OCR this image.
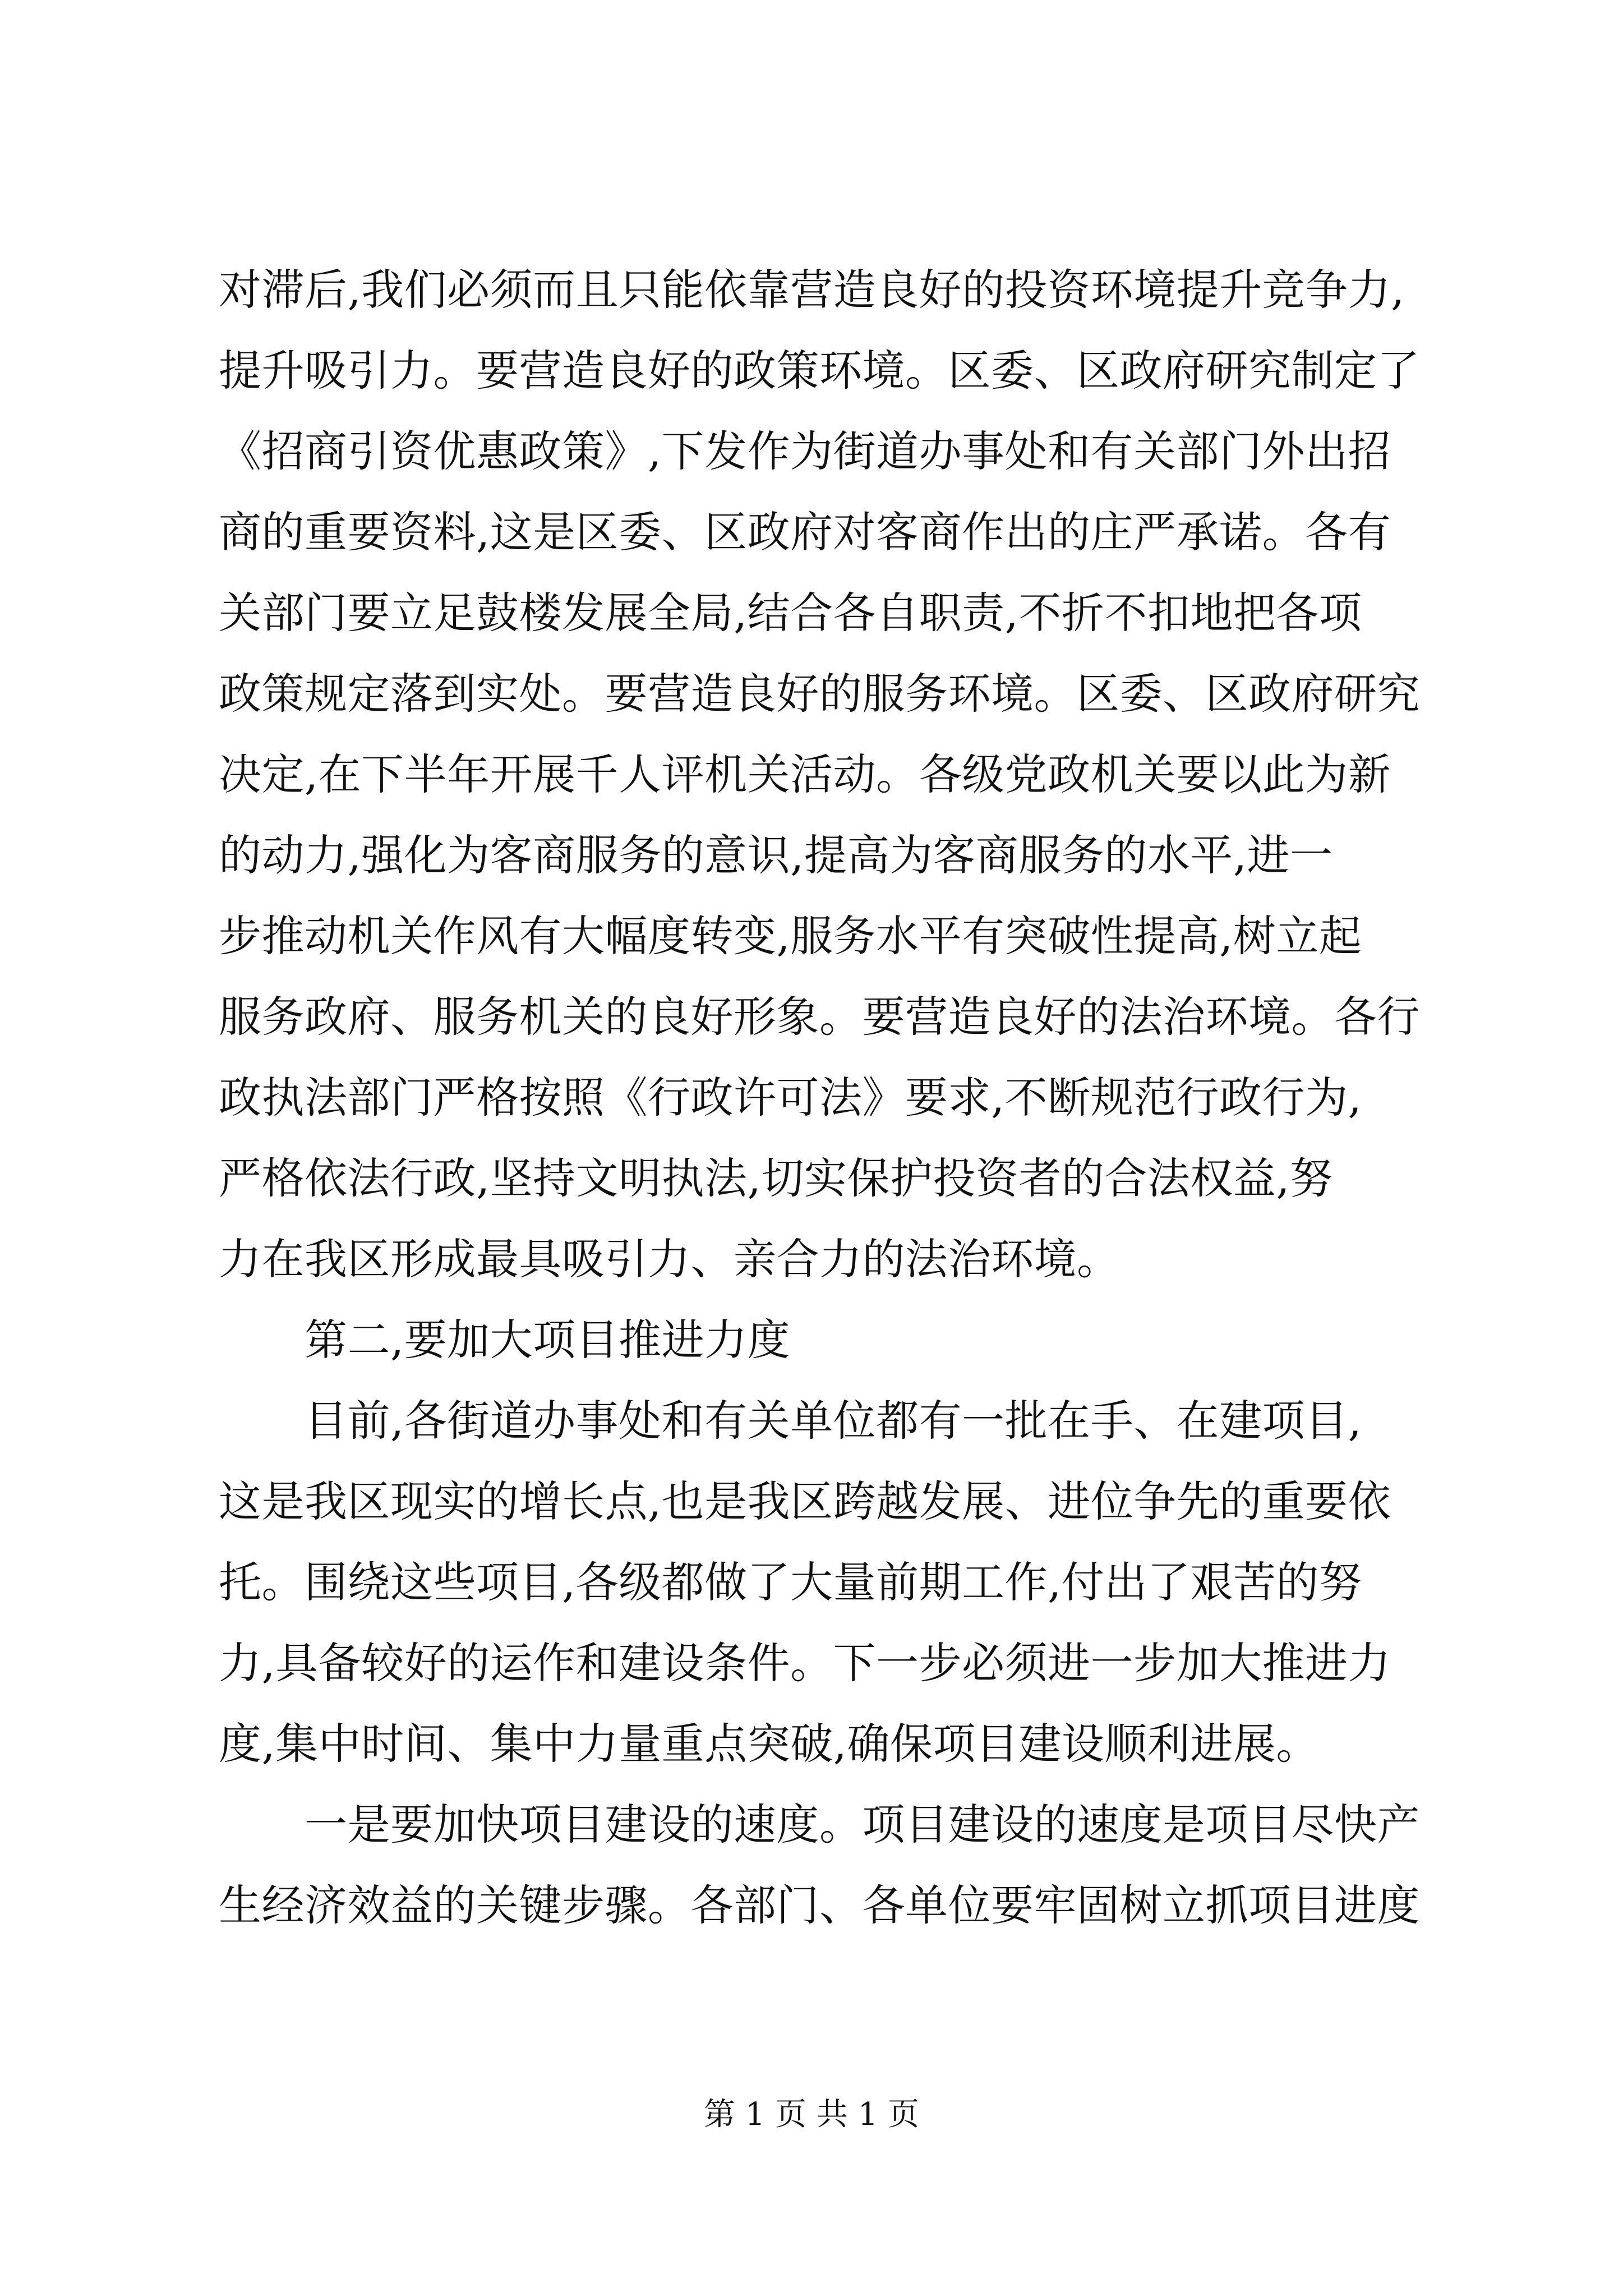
对滞后,我们必须而且只能依靠营造良好的投资环境提升竞争力,
提升吸引力。要营造良好的政策环境。区委、区政府研究制定了
《招商引资优惠政策》,下发作为街道办事处和有关部门外出招
商的重要资料,这是区委、区政府对客商作出的庄严承诺。各有
关部门要立足鼓楼发展全局,结合各自职责,不折不扣地把各项
政策规定落到实处。要营造良好的服务环境。区委、区政府研究
决定,在下半年开展千人评机关活动。各级党政机关要以此为新
的动力,强化为客商服务的意识,提高为客商服务的水平,进一
步推动机关作风有大幅度转变,服务水平有突破性提高,树立起
服务政府、服务机关的良好形象。要营造良好的法治环境。各行
政执法部门严格按照《行政许可法》要求,不断规范行政行为,
严格依法行政,坚持文明执法,切实保护投资者的合法权益,努
力在我区形成最具吸引力、亲合力的法治环境。
　　第二,要加大项目推进力度
　　目前,各街道办事处和有关单位都有一批在手、在建项目,
这是我区现实的增长点,也是我区跨越发展、进位争先的重要依
托。围绕这些项目,各级都做了大量前期工作,付出了艰苦的努
力,具备较好的运作和建设条件。下一步必须进一步加大推进力
度,集中时间、集中力量重点突破,确保项目建设顺利进展。
　　一是要加快项目建设的速度。项目建设的速度是项目尽快产
生经济效益的关键步骤。各部门、各单位要牢固树立抓项目进度
第 1 页 共 1 页
